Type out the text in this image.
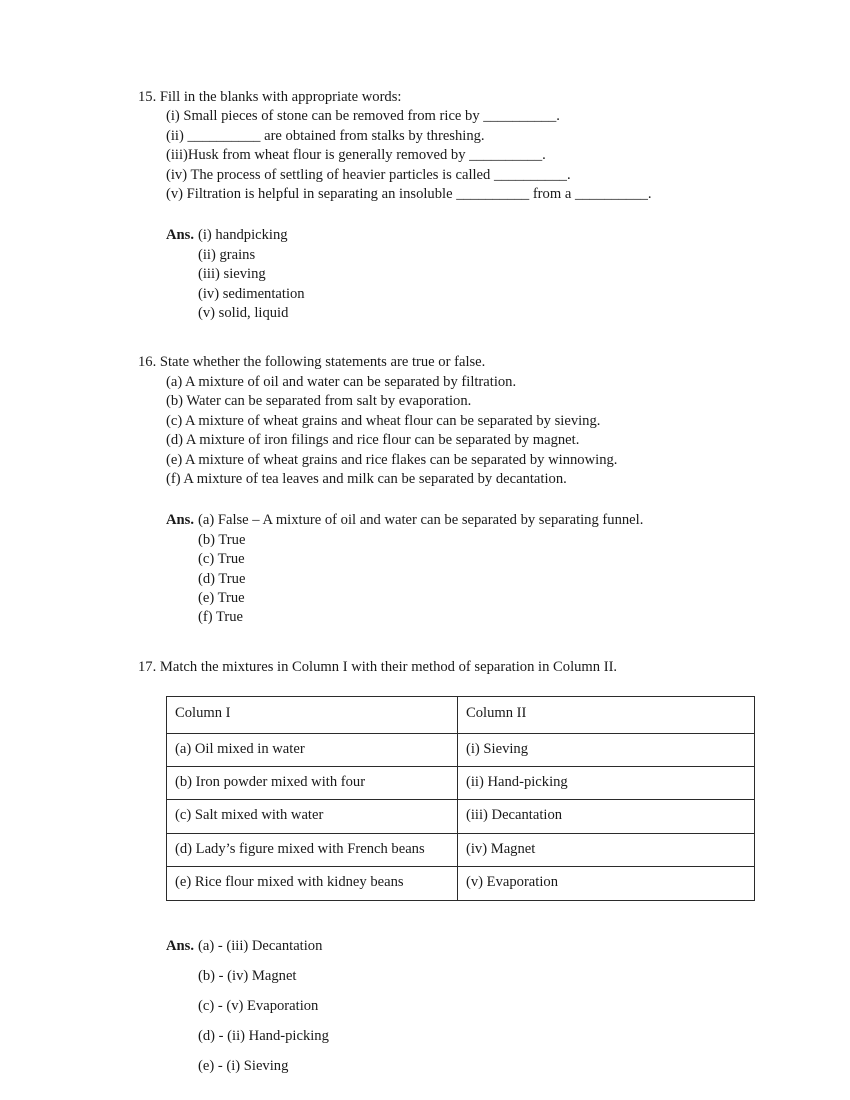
15. Fill in the blanks with appropriate words:
(i) Small pieces of stone can be removed from rice by __________.
(ii) __________ are obtained from stalks by threshing.
(iii)Husk from wheat flour is generally removed by __________.
(iv) The process of settling of heavier particles is called __________.
(v) Filtration is helpful in separating an insoluble __________ from a __________.
Ans. (i) handpicking
(ii) grains
(iii) sieving
(iv) sedimentation
(v) solid, liquid
16. State whether the following statements are true or false.
(a) A mixture of oil and water can be separated by filtration.
(b) Water can be separated from salt by evaporation.
(c) A mixture of wheat grains and wheat flour can be separated by sieving.
(d) A mixture of iron filings and rice flour can be separated by magnet.
(e) A mixture of wheat grains and rice flakes can be separated by winnowing.
(f) A mixture of tea leaves and milk can be separated by decantation.
Ans. (a) False – A mixture of oil and water can be separated by separating funnel.
(b) True
(c) True
(d) True
(e) True
(f) True
17. Match the mixtures in Column I with their method of separation in Column II.
Column I	Column II
(a) Oil mixed in water	(i) Sieving
(b) Iron powder mixed with four	(ii) Hand-picking
(c) Salt mixed with water	(iii) Decantation
(d) Lady’s figure mixed with French beans	(iv) Magnet
(e) Rice flour mixed with kidney beans	(v) Evaporation
Ans. (a) - (iii) Decantation
(b) - (iv) Magnet
(c) - (v) Evaporation
(d) - (ii) Hand-picking
(e) - (i) Sieving
